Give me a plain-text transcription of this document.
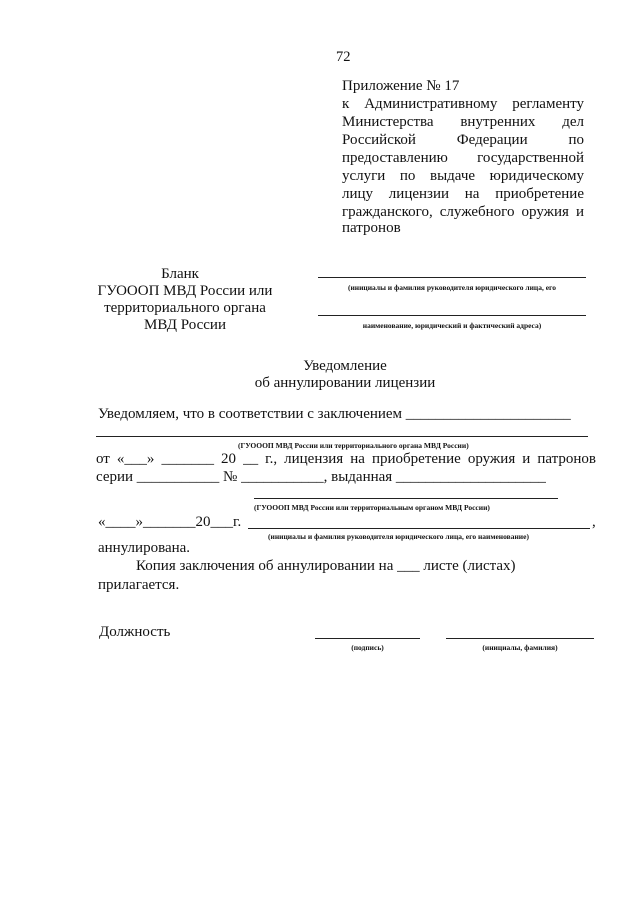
72
Приложение № 17
к Административному регламенту
Министерства внутренних дел
Российской Федерации по
предоставлению государственной
услуги по выдаче юридическому
лицу лицензии на приобретение
гражданского, служебного оружия и
патронов
Бланк
ГУОООП МВД России или
территориального органа
МВД России
(инициалы и фамилия руководителя юридического лица, его
наименование, юридический и фактический адреса)
Уведомление
об аннулировании лицензии
Уведомляем, что в соответствии с заключением ______________________
(ГУОООП МВД России или территориального органа МВД России)
от «___» _______ 20 __ г., лицензия на приобретение оружия и патронов
серии ___________ № ___________, выданная ____________________
(ГУОООП МВД России или территориальным органом МВД России)
«____»_______20___г.	,
(инициалы и фамилия руководителя юридического лица, его наименование)
аннулирована.
Копия заключения об аннулировании на ___ листе (листах)
прилагается.
Должность
(подпись)	(инициалы, фамилия)
